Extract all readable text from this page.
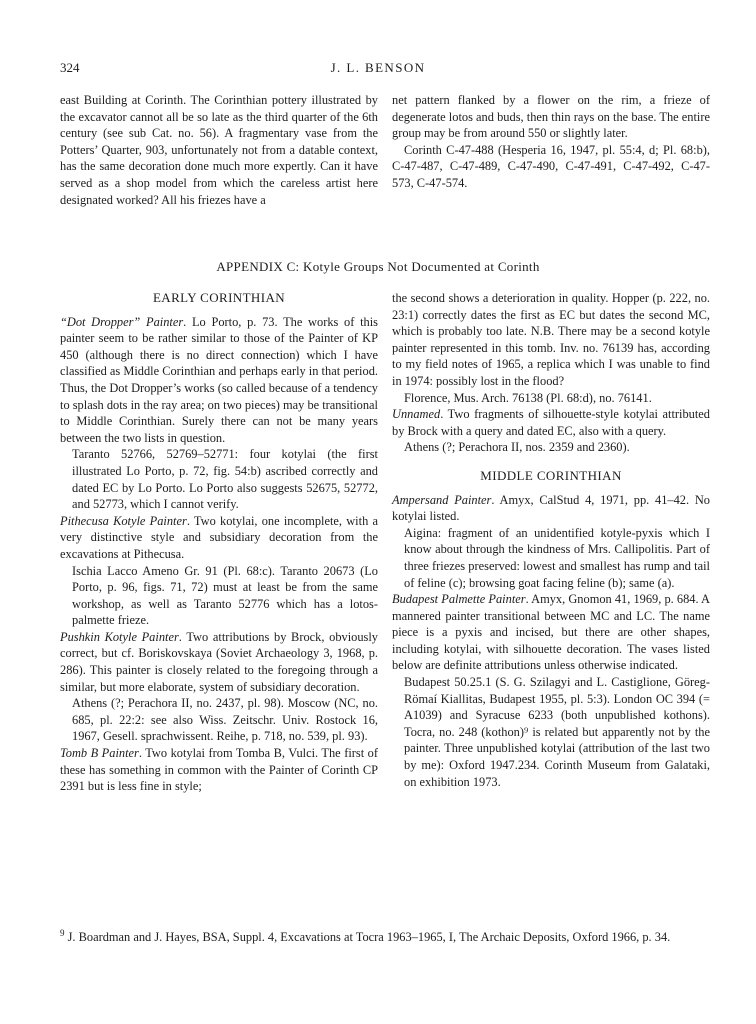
324	J. L. BENSON

east Building at Corinth. The Corinthian pottery illustrated by the excavator cannot all be so late as the third quarter of the 6th century (see sub Cat. no. 56). A fragmentary vase from the Potters’ Quarter, 903, unfortunately not from a datable context, has the same decoration done much more expertly. Can it have served as a shop model from which the careless artist here designated worked? All his friezes have a

net pattern flanked by a flower on the rim, a frieze of degenerate lotos and buds, then thin rays on the base. The entire group may be from around 550 or slightly later.

Corinth C-47-488 (Hesperia 16, 1947, pl. 55:4, d; Pl. 68:b), C-47-487, C-47-489, C-47-490, C-47-491, C-47-492, C-47-573, C-47-574.

APPENDIX C: Kotyle Groups Not Documented at Corinth
EARLY CORINTHIAN

“Dot Dropper” Painter. Lo Porto, p. 73. The works of this painter seem to be rather similar to those of the Painter of KP 450 (although there is no direct connection) which I have classified as Middle Corinthian and perhaps early in that period. Thus, the Dot Dropper’s works (so called because of a tendency to splash dots in the ray area; on two pieces) may be transitional to Middle Corinthian. Surely there can not be many years between the two lists in question.

Taranto 52766, 52769–52771: four kotylai (the first illustrated Lo Porto, p. 72, fig. 54:b) ascribed correctly and dated EC by Lo Porto. Lo Porto also suggests 52675, 52772, and 52773, which I cannot verify.

Pithecusa Kotyle Painter. Two kotylai, one incomplete, with a very distinctive style and subsidiary decoration from the excavations at Pithecusa.

Ischia Lacco Ameno Gr. 91 (Pl. 68:c). Taranto 20673 (Lo Porto, p. 96, figs. 71, 72) must at least be from the same workshop, as well as Taranto 52776 which has a lotos-palmette frieze.

Pushkin Kotyle Painter. Two attributions by Brock, obviously correct, but cf. Boriskovskaya (Soviet Archaeology 3, 1968, p. 286). This painter is closely related to the foregoing through a similar, but more elaborate, system of subsidiary decoration.

Athens (?; Perachora II, no. 2437, pl. 98). Moscow (NC, no. 685, pl. 22:2: see also Wiss. Zeitschr. Univ. Rostock 16, 1967, Gesell. sprachwissent. Reihe, p. 718, no. 539, pl. 93).

Tomb B Painter. Two kotylai from Tomba B, Vulci. The first of these has something in common with the Painter of Corinth CP 2391 but is less fine in style;

the second shows a deterioration in quality. Hopper (p. 222, no. 23:1) correctly dates the first as EC but dates the second MC, which is probably too late. N.B. There may be a second kotyle painter represented in this tomb. Inv. no. 76139 has, according to my field notes of 1965, a replica which I was unable to find in 1974: possibly lost in the flood?

Florence, Mus. Arch. 76138 (Pl. 68:d), no. 76141.

Unnamed. Two fragments of silhouette-style kotylai attributed by Brock with a query and dated EC, also with a query.

Athens (?; Perachora II, nos. 2359 and 2360).

MIDDLE CORINTHIAN

Ampersand Painter. Amyx, CalStud 4, 1971, pp. 41–42. No kotylai listed.

Aigina: fragment of an unidentified kotyle-pyxis which I know about through the kindness of Mrs. Callipolitis. Part of three friezes preserved: lowest and smallest has rump and tail of feline (c); browsing goat facing feline (b); same (a).

Budapest Palmette Painter. Amyx, Gnomon 41, 1969, p. 684. A mannered painter transitional between MC and LC. The name piece is a pyxis and incised, but there are other shapes, including kotylai, with silhouette decoration. The vases listed below are definite attributions unless otherwise indicated.

Budapest 50.25.1 (S. G. Szilagyi and L. Castiglione, Göreg-Römaí Kiallitas, Budapest 1955, pl. 5:3). London OC 394 (= A1039) and Syracuse 6233 (both unpublished kothons). Tocra, no. 248 (kothon)⁹ is related but apparently not by the painter. Three unpublished kotylai (attribution of the last two by me): Oxford 1947.234. Corinth Museum from Galataki, on exhibition 1973.

$^9$ J. Boardman and J. Hayes, BSA, Suppl. 4, Excavations at Tocra 1963–1965, I, The Archaic Deposits, Oxford 1966, p. 34.
